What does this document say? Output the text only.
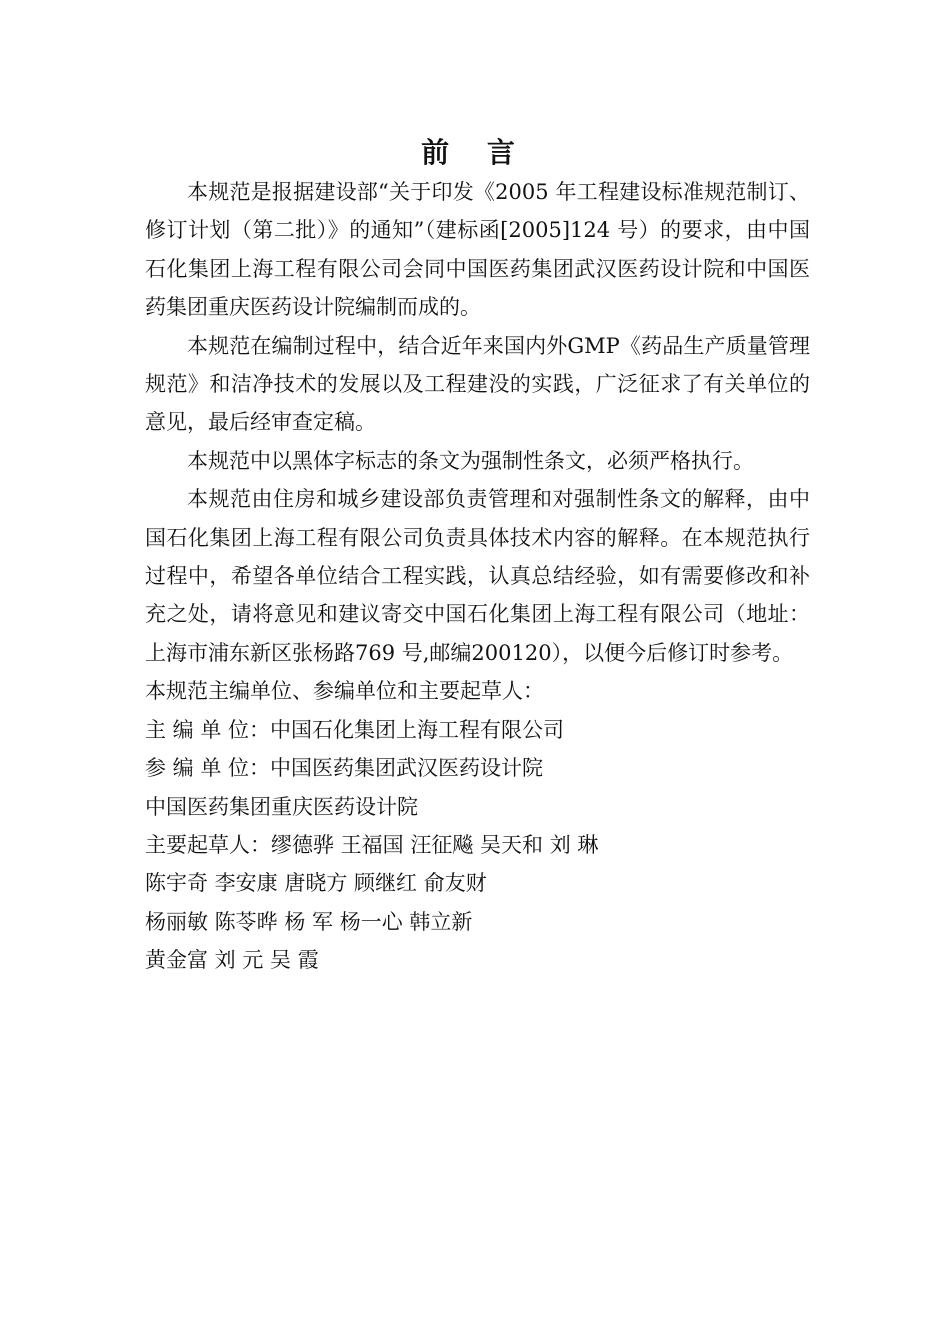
前 言

本规范是报据建设部“关于印发《2005 年工程建设标准规范制订、修订计划（第二批）》的通知”（建标函[2005]124 号）的要求，由中国石化集团上海工程有限公司会同中国医药集团武汉医药设计院和中国医药集团重庆医药设计院编制而成的。

本规范在编制过程中，结合近年来国内外GMP《药品生产质量管理规范》和洁净技术的发展以及工程建没的实践，广泛征求了有关单位的意见，最后经审查定稿。

本规范中以黑体字标志的条文为强制性条文，必须严格执行。

本规范由住房和城乡建设部负责管理和对强制性条文的解释，由中国石化集团上海工程有限公司负责具体技术内容的解释。在本规范执行过程中，希望各单位结合工程实践，认真总结经验，如有需要修改和补充之处，请将意见和建议寄交中国石化集团上海工程有限公司（地址：上海市浦东新区张杨路769 号,邮编200120），以便今后修订时参考。

本规范主编单位、参编单位和主要起草人：
主 编 单 位：中国石化集团上海工程有限公司
参 编 单 位：中国医药集团武汉医药设计院
中国医药集团重庆医药设计院
主要起草人：缪德骅 王福国 汪征飚 吴天和 刘 琳
陈宇奇 李安康 唐晓方 顾继红 俞友财
杨丽敏 陈苓晔 杨 军 杨一心 韩立新
黄金富 刘 元 吴 霞
